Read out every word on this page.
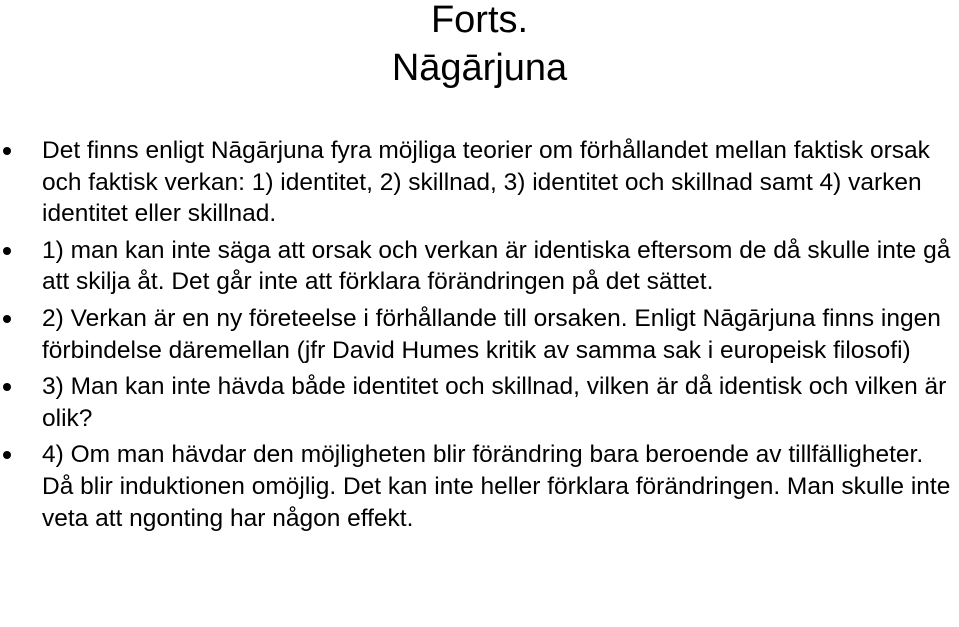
Forts.
Nāgārjuna
Det finns enligt Nāgārjuna fyra möjliga teorier om förhållandet mellan faktisk orsak och faktisk verkan: 1) identitet, 2) skillnad, 3) identitet och skillnad samt 4) varken identitet eller skillnad.
1) man kan inte säga att orsak och verkan är identiska eftersom de då skulle inte gå att skilja åt. Det går inte att förklara förändringen på det sättet.
2) Verkan är en ny företeelse i förhållande till orsaken. Enligt Nāgārjuna finns ingen förbindelse däremellan (jfr David Humes kritik av samma sak i europeisk filosofi)
3) Man kan inte hävda både identitet och skillnad, vilken är då identisk och vilken är olik?
4) Om man hävdar den möjligheten blir förändring bara beroende av tillfälligheter. Då blir induktionen omöjlig. Det kan inte heller förklara förändringen. Man skulle inte veta att ngonting har någon effekt.
